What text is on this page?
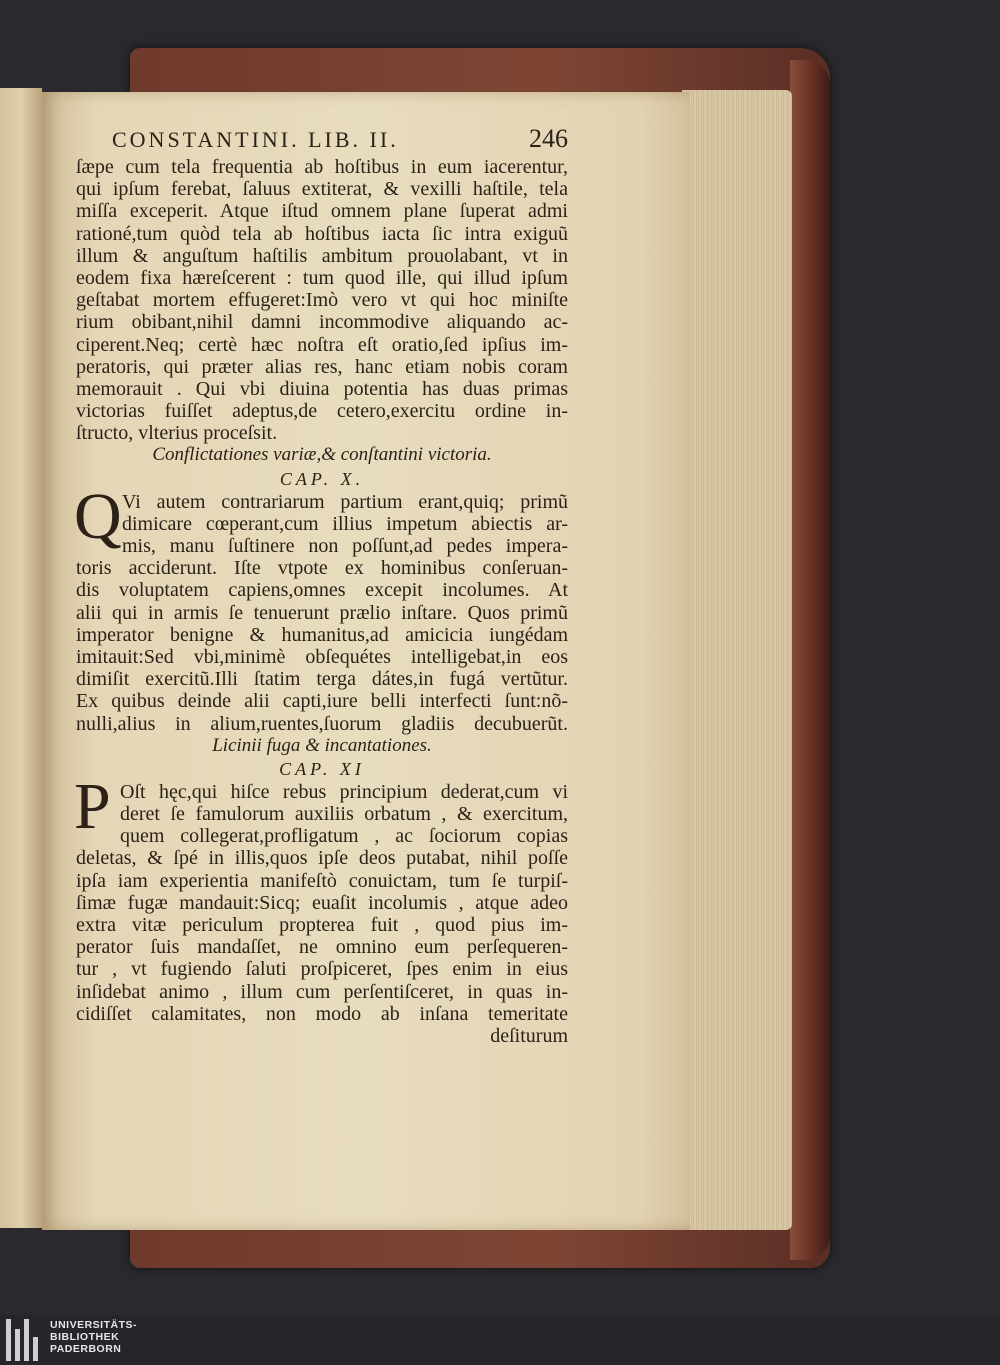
CONSTANTINI. LIB. II.	246
ſæpe cum tela frequentia ab hoſtibus in eum iacerentur,
qui ipſum ferebat, ſaluus extiterat, & vexilli haſtile, tela
miſſa exceperit. Atque iſtud omnem plane ſuperat admi
rationé,tum quòd tela ab hoſtibus iacta ſic intra exiguũ
illum & anguſtum haſtilis ambitum prouolabant, vt in
eodem fixa hæreſcerent : tum quod ille, qui illud ipſum
geſtabat mortem effugeret:Imò vero vt qui hoc miniſte
rium obibant,nihil damni incommodive aliquando ac-
ciperent.Neq; certè hæc noſtra eſt oratio,ſed ipſius im-
peratoris, qui præter alias res, hanc etiam nobis coram
memorauit . Qui vbi diuina potentia has duas primas
victorias fuiſſet adeptus,de cetero,exercitu ordine in-
ſtructo, vlterius proceſsit.
Conflictationes variæ,& conſtantini victoria.
CAP. X.
Q Vi autem contrariarum partium erant,quiq; primũ
dimicare cœperant,cum illius impetum abiectis ar-
mis, manu ſuſtinere non poſſunt,ad pedes impera-
toris acciderunt. Iſte vtpote ex hominibus conſeruan-
dis voluptatem capiens,omnes excepit incolumes. At
alii qui in armis ſe tenuerunt prælio inſtare. Quos primũ
imperator benigne & humanitus,ad amicicia iungédam
imitauit:Sed vbi,minimè obſequétes intelligebat,in eos
dimiſit exercitũ.Illi ſtatim terga dátes,in fugá vertũtur.
Ex quibus deinde alii capti,iure belli interfecti ſunt:nõ-
nulli,alius in alium,ruentes,ſuorum gladiis decubuerũt.
Licinii fuga & incantationes.
CAP. XI
P Oſt hęc,qui hiſce rebus principium dederat,cum vi
deret ſe famulorum auxiliis orbatum , & exercitum,
quem collegerat,profligatum , ac ſociorum copias
deletas, & ſpé in illis,quos ipſe deos putabat, nihil poſſe
ipſa iam experientia manifeſtò conuictam, tum ſe turpiſ-
ſimæ fugæ mandauit:Sicq; euaſit incolumis , atque adeo
extra vitæ periculum propterea fuit , quod pius im-
perator ſuis mandaſſet, ne omnino eum perſequeren-
tur , vt fugiendo ſaluti proſpiceret, ſpes enim in eius
inſidebat animo , illum cum perſentiſceret, in quas in-
cidiſſet calamitates, non modo ab inſana temeritate
deſiturum
UNIVERSITÄTS-
BIBLIOTHEK
PADERBORN
